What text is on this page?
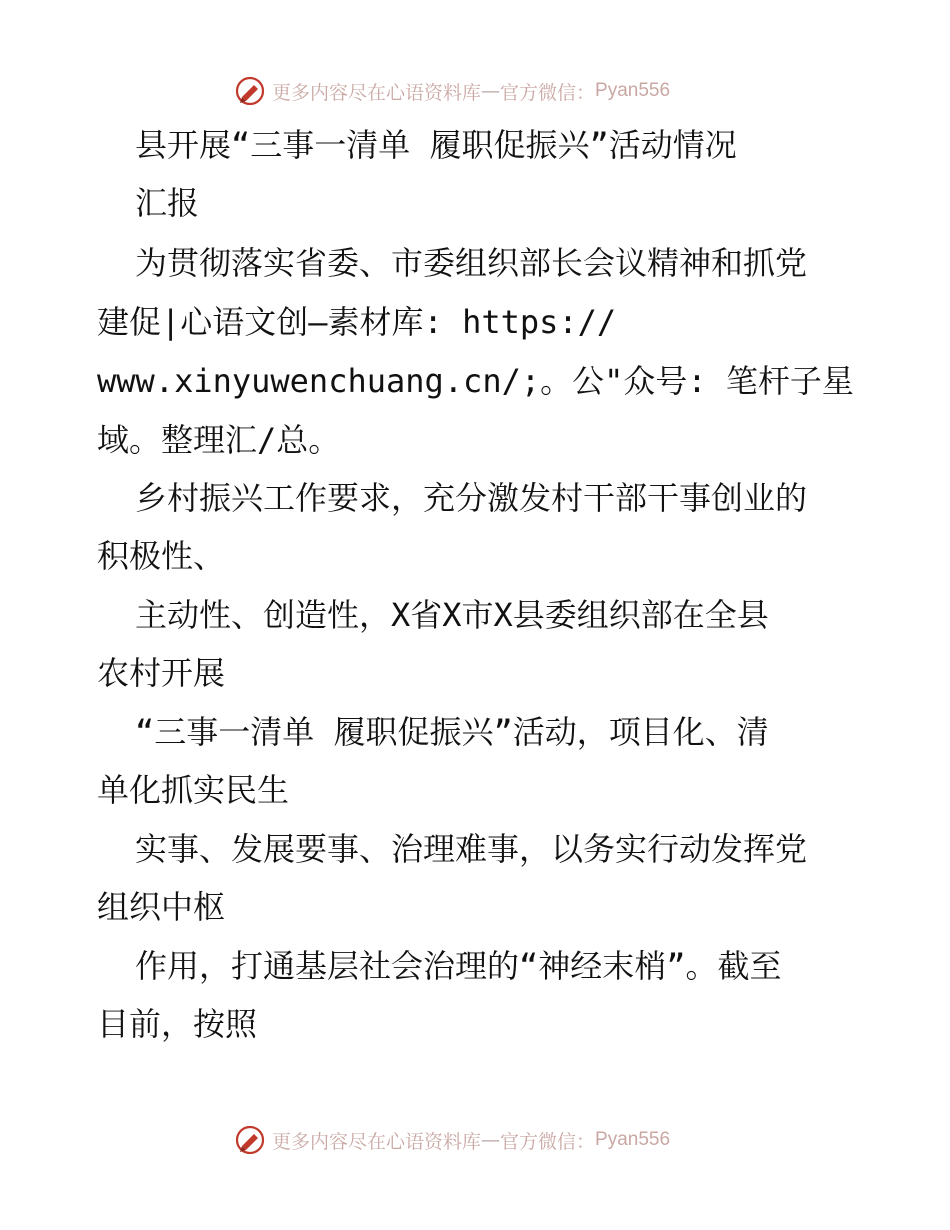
更多内容尽在心语资料库 — 官方微信： Pyan556
县开展“三事一清单 履职促振兴”活动情况
汇报
为贯彻落实省委、市委组织部长会议精神和抓党
建促|心语文创—素材库: https://
www.xinyuwenchuang.cn/;。公"众号: 笔杆子星
域。整理汇/总。
乡村振兴工作要求，充分激发村干部干事创业的
积极性、
主动性、创造性，X省X市X县委组织部在全县
农村开展
“三事一清单 履职促振兴”活动，项目化、清
单化抓实民生
实事、发展要事、治理难事，以务实行动发挥党
组织中枢
作用，打通基层社会治理的“神经末梢”。截至
目前，按照
更多内容尽在心语资料库 — 官方微信： Pyan556
